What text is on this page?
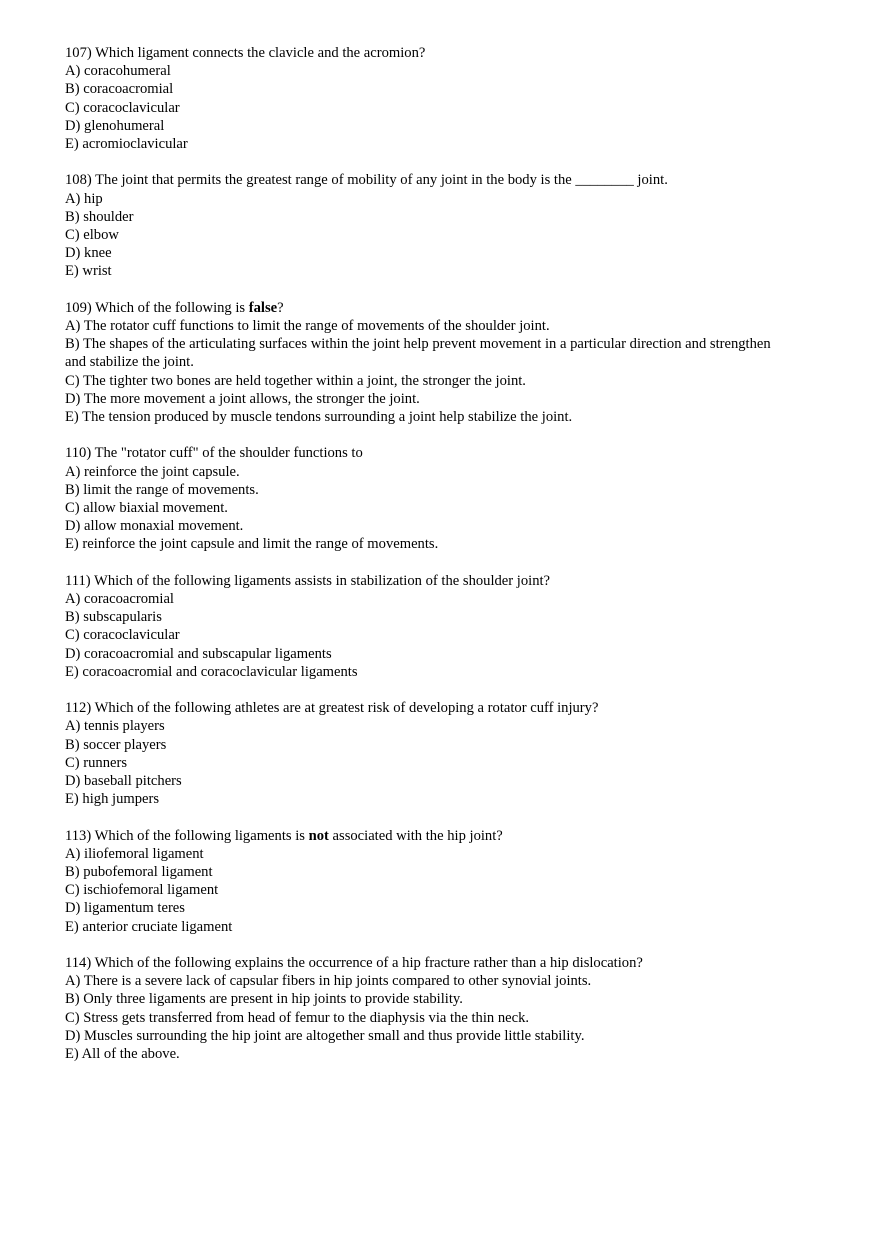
107) Which ligament connects the clavicle and the acromion?
A) coracohumeral
B) coracoacromial
C) coracoclavicular
D) glenohumeral
E) acromioclavicular
108) The joint that permits the greatest range of mobility of any joint in the body is the ________ joint.
A) hip
B) shoulder
C) elbow
D) knee
E) wrist
109) Which of the following is false?
A) The rotator cuff functions to limit the range of movements of the shoulder joint.
B) The shapes of the articulating surfaces within the joint help prevent movement in a particular direction and strengthen and stabilize the joint.
C) The tighter two bones are held together within a joint, the stronger the joint.
D) The more movement a joint allows, the stronger the joint.
E) The tension produced by muscle tendons surrounding a joint help stabilize the joint.
110) The "rotator cuff" of the shoulder functions to
A) reinforce the joint capsule.
B) limit the range of movements.
C) allow biaxial movement.
D) allow monaxial movement.
E) reinforce the joint capsule and limit the range of movements.
111) Which of the following ligaments assists in stabilization of the shoulder joint?
A) coracoacromial
B) subscapularis
C) coracoclavicular
D) coracoacromial and subscapular ligaments
E) coracoacromial and coracoclavicular ligaments
112) Which of the following athletes are at greatest risk of developing a rotator cuff injury?
A) tennis players
B) soccer players
C) runners
D) baseball pitchers
E) high jumpers
113) Which of the following ligaments is not associated with the hip joint?
A) iliofemoral ligament
B) pubofemoral ligament
C) ischiofemoral ligament
D) ligamentum teres
E) anterior cruciate ligament
114) Which of the following explains the occurrence of a hip fracture rather than a hip dislocation?
A) There is a severe lack of capsular fibers in hip joints compared to other synovial joints.
B) Only three ligaments are present in hip joints to provide stability.
C) Stress gets transferred from head of femur to the diaphysis via the thin neck.
D) Muscles surrounding the hip joint are altogether small and thus provide little stability.
E) All of the above.
